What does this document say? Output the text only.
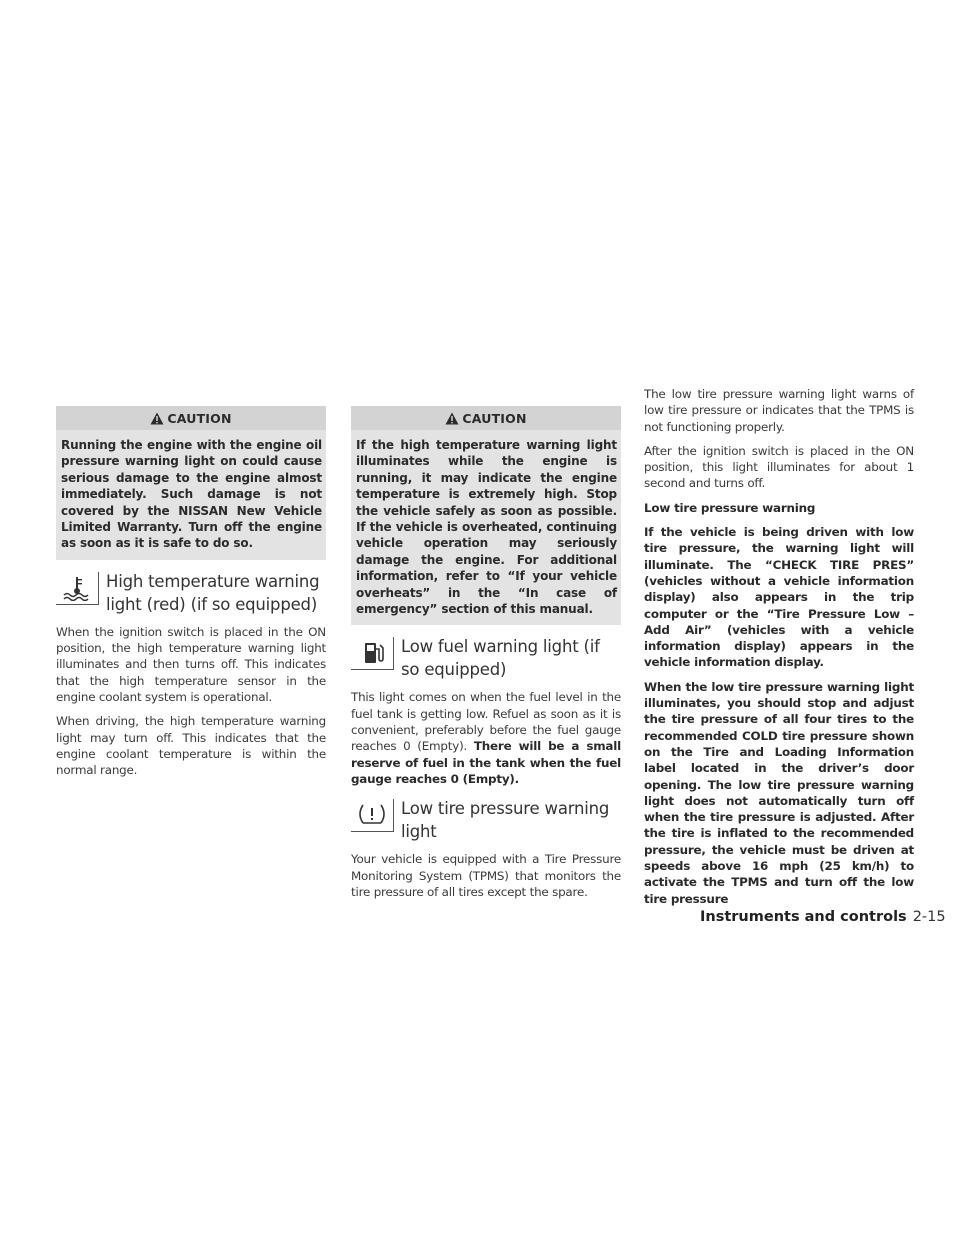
CAUTION
Running the engine with the engine oil pressure warning light on could cause serious damage to the engine almost immediately. Such damage is not covered by the NISSAN New Vehicle Limited Warranty. Turn off the engine as soon as it is safe to do so.
High temperature warning light (red) (if so equipped)

When the ignition switch is placed in the ON position, the high temperature warning light illuminates and then turns off. This indicates that the high temperature sensor in the engine coolant system is operational.

When driving, the high temperature warning light may turn off. This indicates that the engine coolant temperature is within the normal range.

CAUTION
If the high temperature warning light illuminates while the engine is running, it may indicate the engine temperature is extremely high. Stop the vehicle safely as soon as possible. If the vehicle is overheated, continuing vehicle operation may seriously damage the engine. For additional information, refer to “If your vehicle overheats” in the “In case of emergency” section of this manual.
Low fuel warning light (if so equipped)

This light comes on when the fuel level in the fuel tank is getting low. Refuel as soon as it is convenient, preferably before the fuel gauge reaches 0 (Empty). There will be a small reserve of fuel in the tank when the fuel gauge reaches 0 (Empty).

Low tire pressure warning light

Your vehicle is equipped with a Tire Pressure Monitoring System (TPMS) that monitors the tire pressure of all tires except the spare.

The low tire pressure warning light warns of low tire pressure or indicates that the TPMS is not functioning properly.

After the ignition switch is placed in the ON position, this light illuminates for about 1 second and turns off.

Low tire pressure warning

If the vehicle is being driven with low tire pressure, the warning light will illuminate. The “CHECK TIRE PRES” (vehicles without a vehicle information display) also appears in the trip computer or the “Tire Pressure Low – Add Air” (vehicles with a vehicle information display) appears in the vehicle information display.

When the low tire pressure warning light illuminates, you should stop and adjust the tire pressure of all four tires to the recommended COLD tire pressure shown on the Tire and Loading Information label located in the driver’s door opening. The low tire pressure warning light does not automatically turn off when the tire pressure is adjusted. After the tire is inflated to the recommended pressure, the vehicle must be driven at speeds above 16 mph (25 km/h) to activate the TPMS and turn off the low tire pressure

Instruments and controls 2-15
